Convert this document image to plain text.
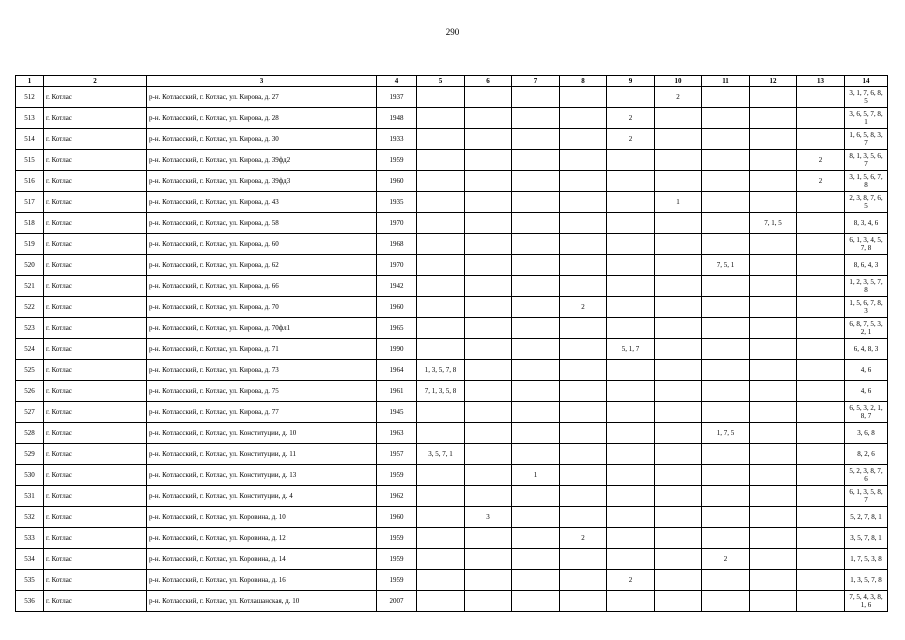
290
1	2	3	4	5	6	7	8	9	10	11	12	13	14
512	г. Котлас	р-н. Котласский, г. Котлас, ул. Кирова, д. 27	1937						2				3, 1, 7, 6, 8, 5
513	г. Котлас	р-н. Котласский, г. Котлас, ул. Кирова, д. 28	1948					2					3, 6, 5, 7, 8, 1
514	г. Котлас	р-н. Котласский, г. Котлас, ул. Кирова, д. 30	1933					2					1, 6, 5, 8, 3, 7
515	г. Котлас	р-н. Котласский, г. Котлас, ул. Кирова, д. 39фд2	1959									2	8, 1, 3, 5, 6, 7
516	г. Котлас	р-н. Котласский, г. Котлас, ул. Кирова, д. 39фд3	1960									2	3, 1, 5, 6, 7, 8
517	г. Котлас	р-н. Котласский, г. Котлас, ул. Кирова, д. 43	1935						1				2, 3, 8, 7, 6, 5
518	г. Котлас	р-н. Котласский, г. Котлас, ул. Кирова, д. 58	1970								7, 1, 5		8, 3, 4, 6
519	г. Котлас	р-н. Котласский, г. Котлас, ул. Кирова, д. 60	1968										6, 1, 3, 4, 5, 7, 8
520	г. Котлас	р-н. Котласский, г. Котлас, ул. Кирова, д. 62	1970							7, 5, 1			8, 6, 4, 3
521	г. Котлас	р-н. Котласский, г. Котлас, ул. Кирова, д. 66	1942										1, 2, 3, 5, 7, 8
522	г. Котлас	р-н. Котласский, г. Котлас, ул. Кирова, д. 70	1960				2						1, 5, 6, 7, 8, 3
523	г. Котлас	р-н. Котласский, г. Котлас, ул. Кирова, д. 70фл1	1965										6, 8, 7, 5, 3, 2, 1
524	г. Котлас	р-н. Котласский, г. Котлас, ул. Кирова, д. 71	1990					5, 1, 7					6, 4, 8, 3
525	г. Котлас	р-н. Котласский, г. Котлас, ул. Кирова, д. 73	1964	1, 3, 5, 7, 8									4, 6
526	г. Котлас	р-н. Котласский, г. Котлас, ул. Кирова, д. 75	1961	7, 1, 3, 5, 8									4, 6
527	г. Котлас	р-н. Котласский, г. Котлас, ул. Кирова, д. 77	1945										6, 5, 3, 2, 1, 8, 7
528	г. Котлас	р-н. Котласский, г. Котлас, ул. Конституции, д. 10	1963							1, 7, 5			3, 6, 8
529	г. Котлас	р-н. Котласский, г. Котлас, ул. Конституции, д. 11	1957	3, 5, 7, 1									8, 2, 6
530	г. Котлас	р-н. Котласский, г. Котлас, ул. Конституции, д. 13	1959			1							5, 2, 3, 8, 7, 6
531	г. Котлас	р-н. Котласский, г. Котлас, ул. Конституции, д. 4	1962										6, 1, 3, 5, 8, 7
532	г. Котлас	р-н. Котласский, г. Котлас, ул. Коровина, д. 10	1960		3								5, 2, 7, 8, 1
533	г. Котлас	р-н. Котласский, г. Котлас, ул. Коровина, д. 12	1959				2						3, 5, 7, 8, 1
534	г. Котлас	р-н. Котласский, г. Котлас, ул. Коровина, д. 14	1959							2			1, 7, 5, 3, 8
535	г. Котлас	р-н. Котласский, г. Котлас, ул. Коровина, д. 16	1959					2					1, 3, 5, 7, 8
536	г. Котлас	р-н. Котласский, г. Котлас, ул. Котлашанская, д. 10	2007										7, 5, 4, 3, 8, 1, 6
